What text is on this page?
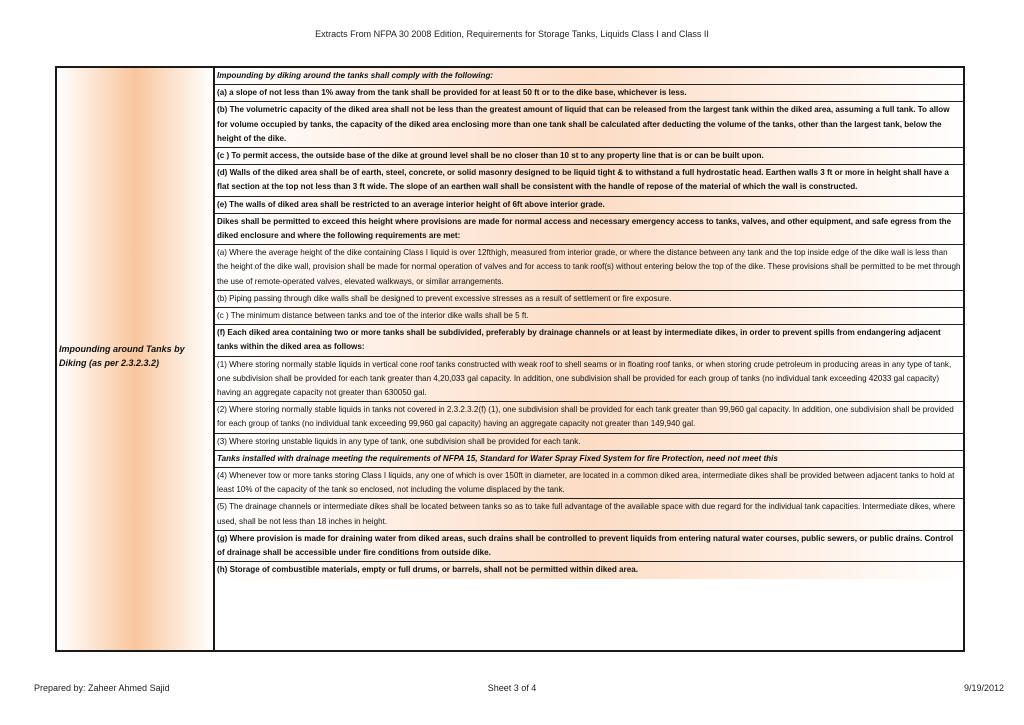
Extracts From NFPA 30 2008 Edition, Requirements for Storage Tanks, Liquids Class I and Class II
Impounding around Tanks by Diking (as per 2.3.2.3.2)
Impounding by diking around the tanks shall comply with the following:
(a) a slope of not less than 1% away from the tank shall be provided for at least 50 ft or to the dike base, whichever is less.
(b) The volumetric capacity of the diked area shall not be less than the greatest amount of liquid that can be released from the largest tank within the diked area, assuming a full tank. To allow for volume occupied by tanks, the capacity of the diked area enclosing more than one tank shall be calculated after deducting the volume of the tanks, other than the largest tank, below the height of the dike.
(c ) To permit access, the outside base of the dike at ground level shall be no closer than 10 st to any property line that is or can be built upon.
(d) Walls of the diked area shall be of earth, steel, concrete, or solid masonry designed to be liquid tight & to withstand a full hydrostatic head. Earthen walls 3 ft or more in height shall have a flat section at the top not less than 3 ft wide. The slope of an earthen wall shall be consistent with the handle of repose of the material of which the wall is constructed.
(e) The walls of diked area shall be restricted to an average interior height of 6ft above interior grade.
Dikes shall be permitted to exceed this height where provisions are made for normal access and necessary emergency access to tanks, valves, and other equipment, and safe egress from the diked enclosure and where the following requirements are met:
(a) Where the average height of the dike containing Class I liquid is over 12fthigh, measured from interior grade, or where the distance between any tank and the top inside edge of the dike wall is less than the height of the dike wall, provision shall be made for normal operation of valves and for access to tank roof(s) without entering below the top of the dike. These provisions shall be permitted to be met through the use of remote-operated valves, elevated walkways, or similar arrangements.
(b) Piping passing through dike walls shall be designed to prevent excessive stresses as a result of settlement or fire exposure.
(c ) The minimum distance between tanks and toe of the interior dike walls shall be 5 ft.
(f) Each diked area containing two or more tanks shall be subdivided, preferably by drainage channels or at least by intermediate dikes, in order to prevent spills from endangering adjacent tanks within the diked area as follows:
(1) Where storing normally stable liquids in vertical cone roof tanks constructed with weak roof to shell seams or in floating roof tanks, or when storing crude petroleum in producing areas in any type of tank, one subdivision shall be provided for each tank greater than 4,20,033 gal capacity. In addition, one subdivision shall be provided for each group of tanks (no individual tank exceeding 42033 gal capacity) having an aggregate capacity not greater than 630050 gal.
(2) Where storing normally stable liquids in tanks not covered in 2.3.2.3.2(f) (1), one subdivision shall be provided for each tank greater than 99,960 gal capacity. In addition, one subdivision shall be provided for each group of tanks (no individual tank exceeding 99,960 gal capacity) having an aggregate capacity not greater than 149,940 gal.
(3) Where storing unstable liquids in any type of tank, one subdivision shall be provided for each tank.
Tanks installed with drainage meeting the requirements of NFPA 15, Standard for Water Spray Fixed System for fire Protection, need not meet this
(4) Whenever tow or more tanks storing Class I liquids, any one of which is over 150ft in diameter, are located in a common diked area, intermediate dikes shall be provided between adjacent tanks to hold at least 10% of the capacity of the tank so enclosed, not including the volume displaced by the tank.
(5) The drainage channels or intermediate dikes shall be located between tanks so as to take full advantage of the available space with due regard for the individual tank capacities. Intermediate dikes, where used, shall be not less than 18 inches in height.
(g) Where provision is made for draining water from diked areas, such drains shall be controlled to prevent liquids from entering natural water courses, public sewers, or public drains. Control of drainage shall be accessible under fire conditions from outside dike.
(h) Storage of combustible materials, empty or full drums, or barrels, shall not be permitted within diked area.
Prepared by: Zaheer Ahmed Sajid	Sheet 3 of 4	9/19/2012
